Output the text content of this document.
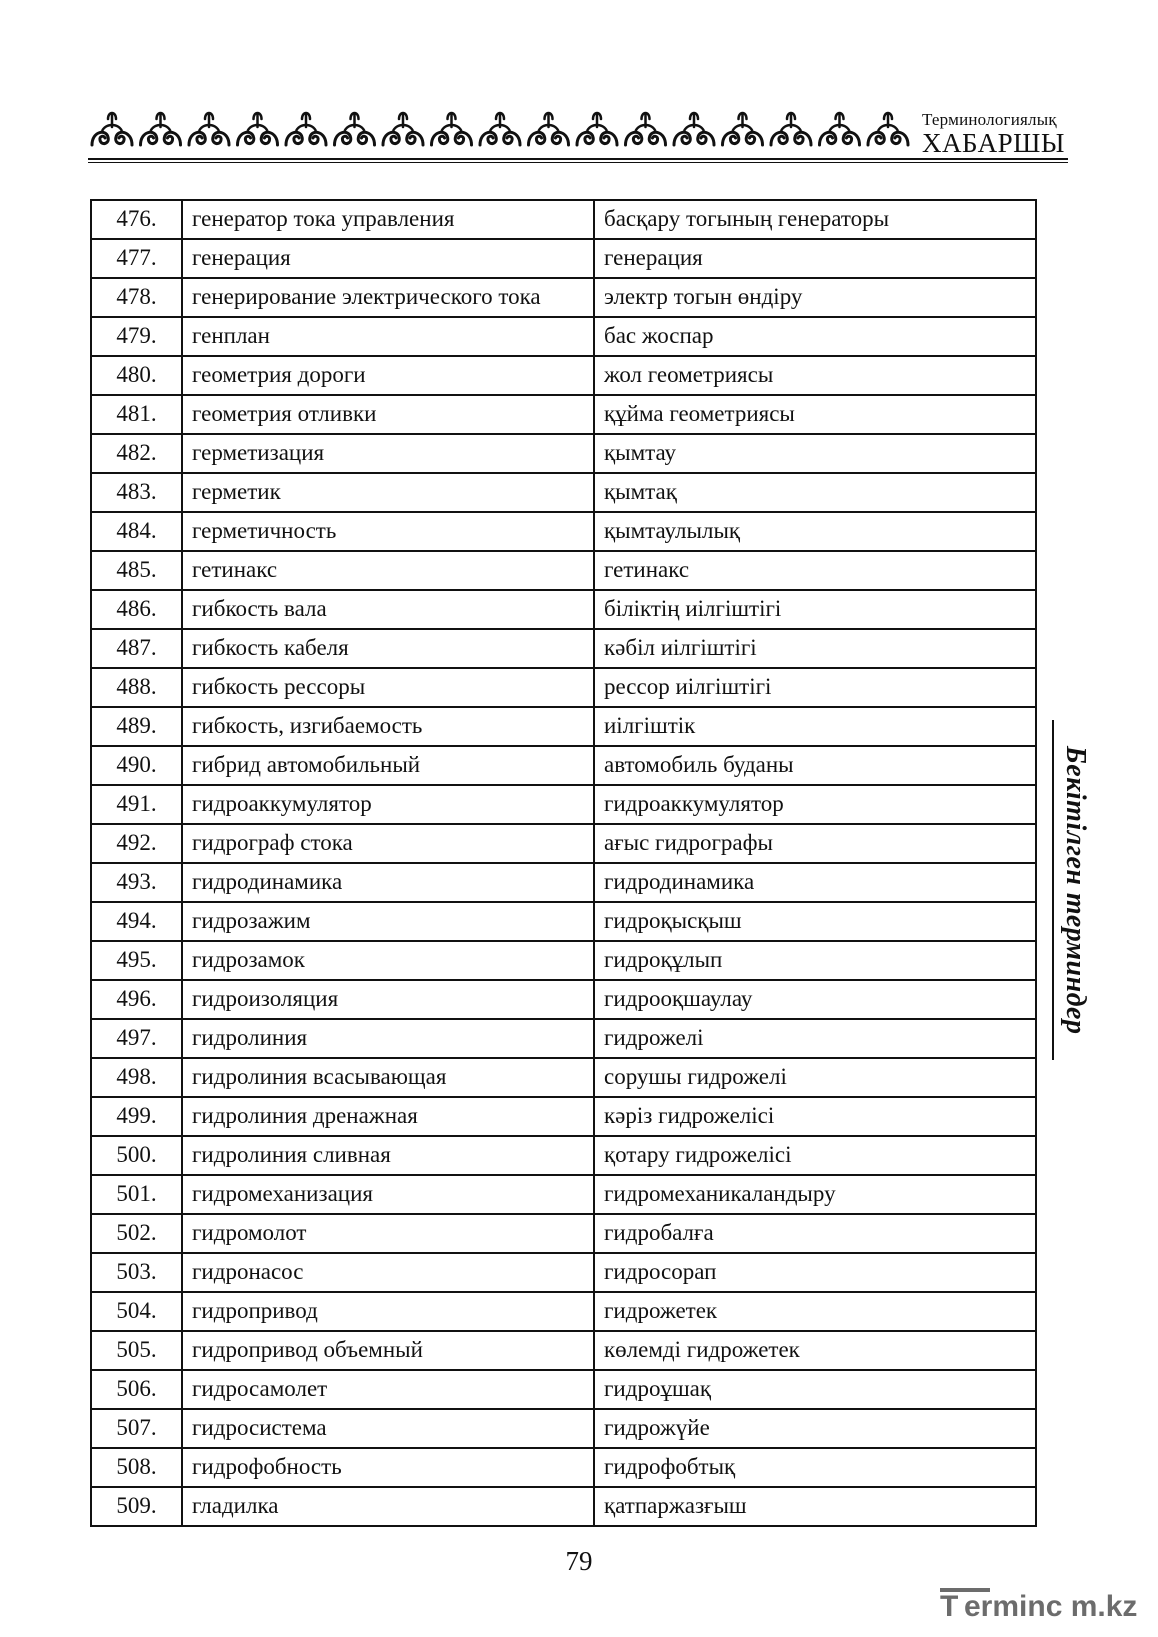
Терминологиялық
ХАБАРШЫ
476.	генератор тока управления	басқару тогының генераторы
477.	генерация	генерация
478.	генерирование электрического тока	электр тогын өндіру
479.	генплан	бас жоспар
480.	геометрия дороги	жол геометриясы
481.	геометрия отливки	құйма геометриясы
482.	герметизация	қымтау
483.	герметик	қымтақ
484.	герметичность	қымтаулылық
485.	гетинакс	гетинакс
486.	гибкость вала	біліктің иілгіштігі
487.	гибкость кабеля	кәбіл иілгіштігі
488.	гибкость рессоры	рессор иілгіштігі
489.	гибкость, изгибаемость	иілгіштік
490.	гибрид автомобильный	автомобиль буданы
491.	гидроаккумулятор	гидроаккумулятор
492.	гидрограф стока	ағыс гидрографы
493.	гидродинамика	гидродинамика
494.	гидрозажим	гидроқысқыш
495.	гидрозамок	гидроқұлып
496.	гидроизоляция	гидрооқшаулау
497.	гидролиния	гидрожелі
498.	гидролиния всасывающая	сорушы гидрожелі
499.	гидролиния дренажная	кәріз гидрожелісі
500.	гидролиния сливная	қотару гидрожелісі
501.	гидромеханизация	гидромеханикаландыру
502.	гидромолот	гидробалға
503.	гидронасос	гидросорап
504.	гидропривод	гидрожетек
505.	гидропривод объемный	көлемді гидрожетек
506.	гидросамолет	гидроұшақ
507.	гидросистема	гидрожүйе
508.	гидрофобность	гидрофобтық
509.	гладилка	қатпаржазғыш
Бекітілген терминдер
79
T erminc m.kz
